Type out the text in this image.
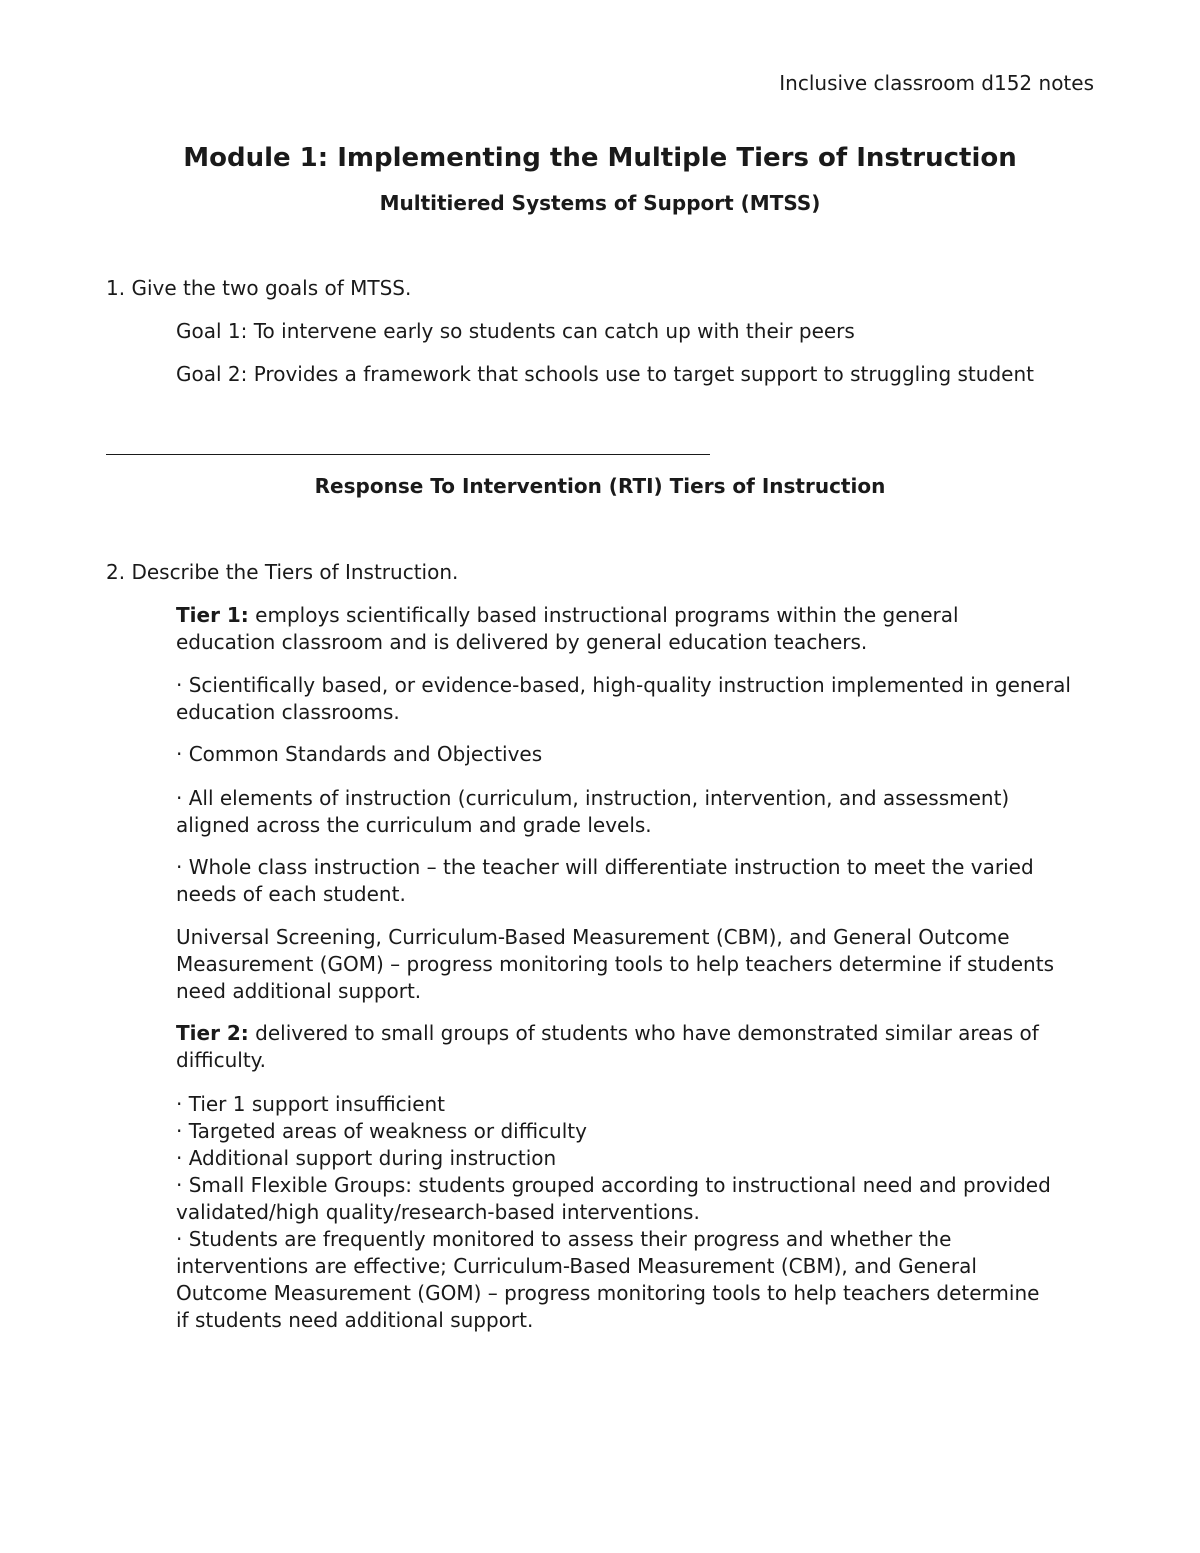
Inclusive classroom d152 notes
Module 1: Implementing the Multiple Tiers of Instruction
Multitiered Systems of Support (MTSS)
1. Give the two goals of MTSS.
Goal 1: To intervene early so students can catch up with their peers
Goal 2: Provides a framework that schools use to target support to struggling student
Response To Intervention (RTI) Tiers of Instruction
2. Describe the Tiers of Instruction.
Tier 1: employs scientifically based instructional programs within the general education classroom and is delivered by general education teachers.
· Scientifically based, or evidence-based, high-quality instruction implemented in general education classrooms.
· Common Standards and Objectives
· All elements of instruction (curriculum, instruction, intervention, and assessment) aligned across the curriculum and grade levels.
· Whole class instruction – the teacher will differentiate instruction to meet the varied needs of each student.
Universal Screening, Curriculum-Based Measurement (CBM), and General Outcome Measurement (GOM) – progress monitoring tools to help teachers determine if students need additional support.
Tier 2: delivered to small groups of students who have demonstrated similar areas of difficulty.

· Tier 1 support insufficient

· Targeted areas of weakness or difficulty

· Additional support during instruction

· Small Flexible Groups: students grouped according to instructional need and provided validated/high quality/research-based interventions.

· Students are frequently monitored to assess their progress and whether the interventions are effective; Curriculum-Based Measurement (CBM), and General Outcome Measurement (GOM) – progress monitoring tools to help teachers determine if students need additional support.
